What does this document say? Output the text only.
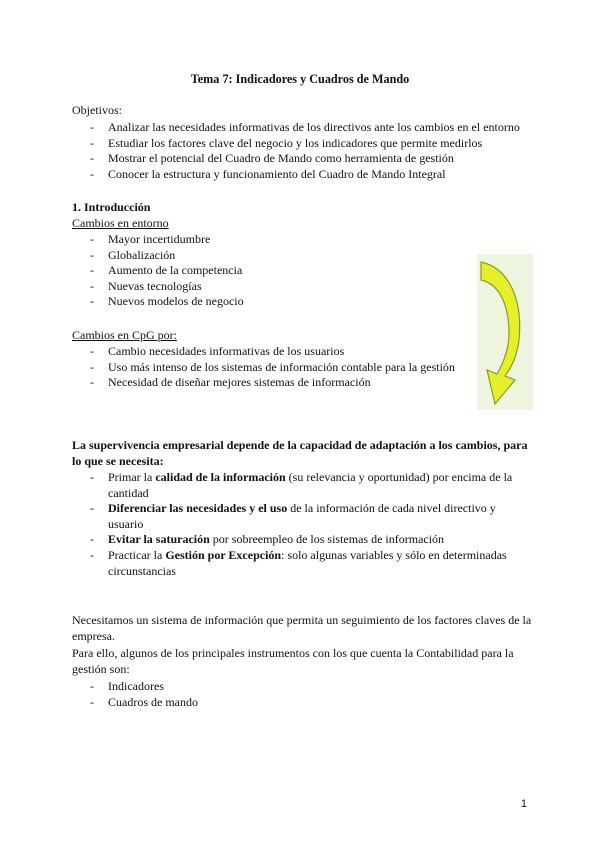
Tema 7: Indicadores y Cuadros de Mando
Objetivos:
- Analizar las necesidades informativas de los directivos ante los cambios en el entorno
- Estudiar los factores clave del negocio y los indicadores que permite medirlos
- Mostrar el potencial del Cuadro de Mando como herramienta de gestión
- Conocer la estructura y funcionamiento del Cuadro de Mando Integral
1. Introducción
Cambios en entorno
- Mayor incertidumbre
- Globalización
- Aumento de la competencia
- Nuevas tecnologías
- Nuevos modelos de negocio
Cambios en CpG por:
- Cambio necesidades informativas de los usuarios
- Uso más intenso de los sistemas de información contable para la gestión
- Necesidad de diseñar mejores sistemas de información
La supervivencia empresarial depende de la capacidad de adaptación a los cambios, para lo que se necesita:
- Primar la calidad de la información (su relevancia y oportunidad) por encima de la cantidad
- Diferenciar las necesidades y el uso de la información de cada nivel directivo y usuario
- Evitar la saturación por sobreempleo de los sistemas de información
- Practicar la Gestión por Excepción: solo algunas variables y sólo en determinadas circunstancias
Necesitamos un sistema de información que permita un seguimiento de los factores claves de la empresa.
Para ello, algunos de los principales instrumentos con los que cuenta la Contabilidad para la gestión son:
- Indicadores
- Cuadros de mando
1
